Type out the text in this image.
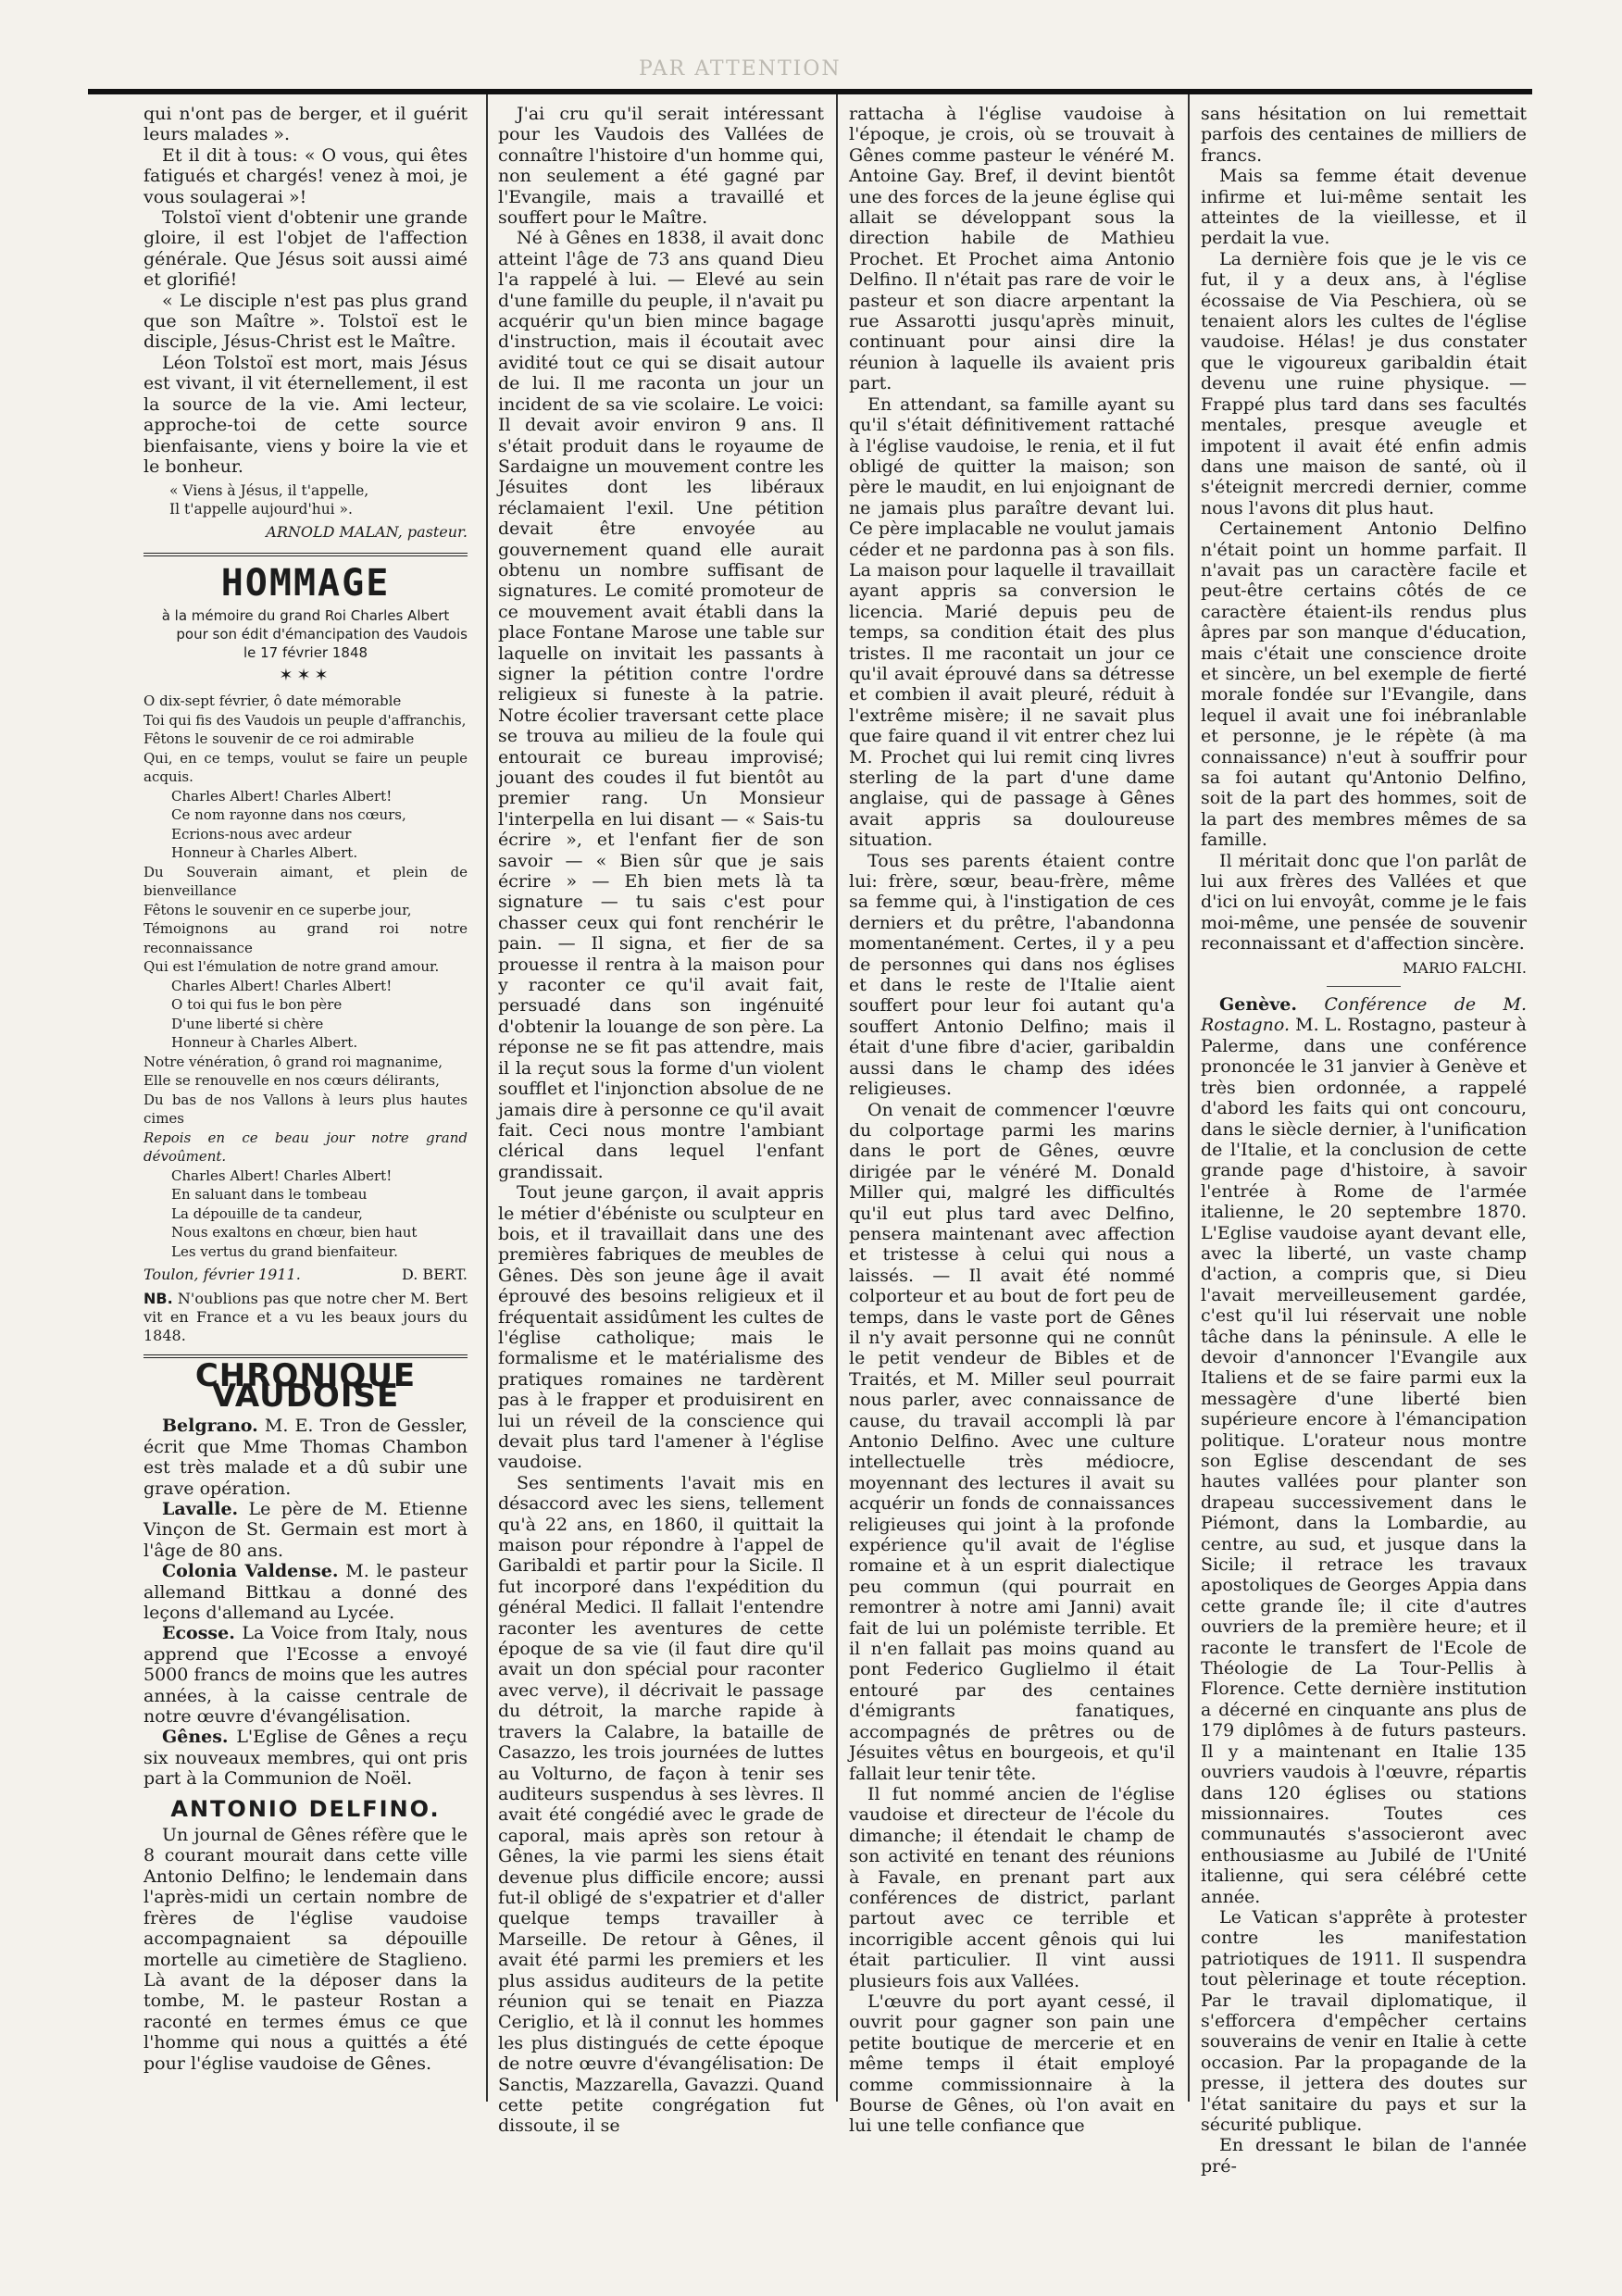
PAR ATTENTION

qui n'ont pas de berger, et il guérit leurs malades ».

Et il dit à tous: « O vous, qui êtes fatigués et chargés! venez à moi, je vous soulagerai »!

Tolstoï vient d'obtenir une grande gloire, il est l'objet de l'affection générale. Que Jésus soit aussi aimé et glorifié!

« Le disciple n'est pas plus grand que son Maître ». Tolstoï est le disciple, Jésus-Christ est le Maître.

Léon Tolstoï est mort, mais Jésus est vivant, il vit éternellement, il est la source de la vie. Ami lecteur, approche-toi de cette source bienfaisante, viens y boire la vie et le bonheur.

« Viens à Jésus, il t'appelle,
Il t'appelle aujourd'hui ».
ARNOLD MALAN, pasteur.
HOMMAGE
à la mémoire du grand Roi Charles Albert
pour son édit d'émancipation des Vaudois
le 17 février 1848
✶✶✶
O dix-sept février, ô date mémorable
Toi qui fis des Vaudois un peuple d'affranchis,
Fêtons le souvenir de ce roi admirable
Qui, en ce temps, voulut se faire un peuple acquis.
Charles Albert! Charles Albert!
Ce nom rayonne dans nos cœurs,
Ecrions-nous avec ardeur
Honneur à Charles Albert.
Du Souverain aimant, et plein de bienveillance
Fêtons le souvenir en ce superbe jour,
Témoignons au grand roi notre reconnaissance
Qui est l'émulation de notre grand amour.
Charles Albert! Charles Albert!
O toi qui fus le bon père
D'une liberté si chère
Honneur à Charles Albert.
Notre vénération, ô grand roi magnanime,
Elle se renouvelle en nos cœurs délirants,
Du bas de nos Vallons à leurs plus hautes cimes
Repois en ce beau jour notre grand dévoûment.
Charles Albert! Charles Albert!
En saluant dans le tombeau
La dépouille de ta candeur,
Nous exaltons en chœur, bien haut
Les vertus du grand bienfaiteur.
Toulon, février 1911.	D. BERT.
NB. N'oublions pas que notre cher M. Bert vit en France et a vu les beaux jours du 1848.
CHRONIQUE VAUDOISE

Belgrano. M. E. Tron de Gessler, écrit que Mme Thomas Chambon est très malade et a dû subir une grave opération.

Lavalle. Le père de M. Etienne Vinçon de St. Germain est mort à l'âge de 80 ans.

Colonia Valdense. M. le pasteur allemand Bittkau a donné des leçons d'allemand au Lycée.

Ecosse. La Voice from Italy, nous apprend que l'Ecosse a envoyé 5000 francs de moins que les autres années, à la caisse centrale de notre œuvre d'évangélisation.

Gênes. L'Eglise de Gênes a reçu six nouveaux membres, qui ont pris part à la Communion de Noël.

ANTONIO DELFINO.

Un journal de Gênes réfère que le 8 courant mourait dans cette ville Antonio Delfino; le lendemain dans l'après-midi un certain nombre de frères de l'église vaudoise accompagnaient sa dépouille mortelle au cimetière de Staglieno. Là avant de la déposer dans la tombe, M. le pasteur Rostan a raconté en termes émus ce que l'homme qui nous a quittés a été pour l'église vaudoise de Gênes.

J'ai cru qu'il serait intéressant pour les Vaudois des Vallées de connaître l'histoire d'un homme qui, non seulement a été gagné par l'Evangile, mais a travaillé et souffert pour le Maître.

Né à Gênes en 1838, il avait donc atteint l'âge de 73 ans quand Dieu l'a rappelé à lui. — Elevé au sein d'une famille du peuple, il n'avait pu acquérir qu'un bien mince bagage d'instruction, mais il écoutait avec avidité tout ce qui se disait autour de lui. Il me raconta un jour un incident de sa vie scolaire. Le voici: Il devait avoir environ 9 ans. Il s'était produit dans le royaume de Sardaigne un mouvement contre les Jésuites dont les libéraux réclamaient l'exil. Une pétition devait être envoyée au gouvernement quand elle aurait obtenu un nombre suffisant de signatures. Le comité promoteur de ce mouvement avait établi dans la place Fontane Marose une table sur laquelle on invitait les passants à signer la pétition contre l'ordre religieux si funeste à la patrie. Notre écolier traversant cette place se trouva au milieu de la foule qui entourait ce bureau improvisé; jouant des coudes il fut bientôt au premier rang. Un Monsieur l'interpella en lui disant — « Sais-tu écrire », et l'enfant fier de son savoir — « Bien sûr que je sais écrire » — Eh bien mets là ta signature — tu sais c'est pour chasser ceux qui font renchérir le pain. — Il signa, et fier de sa prouesse il rentra à la maison pour y raconter ce qu'il avait fait, persuadé dans son ingénuité d'obtenir la louange de son père. La réponse ne se fit pas attendre, mais il la reçut sous la forme d'un violent soufflet et l'injonction absolue de ne jamais dire à personne ce qu'il avait fait. Ceci nous montre l'ambiant clérical dans lequel l'enfant grandissait.

Tout jeune garçon, il avait appris le métier d'ébéniste ou sculpteur en bois, et il travaillait dans une des premières fabriques de meubles de Gênes. Dès son jeune âge il avait éprouvé des besoins religieux et il fréquentait assidûment les cultes de l'église catholique; mais le formalisme et le matérialisme des pratiques romaines ne tardèrent pas à le frapper et produisirent en lui un réveil de la conscience qui devait plus tard l'amener à l'église vaudoise.

Ses sentiments l'avait mis en désaccord avec les siens, tellement qu'à 22 ans, en 1860, il quittait la maison pour répondre à l'appel de Garibaldi et partir pour la Sicile. Il fut incorporé dans l'expédition du général Medici. Il fallait l'entendre raconter les aventures de cette époque de sa vie (il faut dire qu'il avait un don spécial pour raconter avec verve), il décrivait le passage du détroit, la marche rapide à travers la Calabre, la bataille de Casazzo, les trois journées de luttes au Volturno, de façon à tenir ses auditeurs suspendus à ses lèvres. Il avait été congédié avec le grade de caporal, mais après son retour à Gênes, la vie parmi les siens était devenue plus difficile encore; aussi fut-il obligé de s'expatrier et d'aller quelque temps travailler à Marseille. De retour à Gênes, il avait été parmi les premiers et les plus assidus auditeurs de la petite réunion qui se tenait en Piazza Ceriglio, et là il connut les hommes les plus distingués de cette époque de notre œuvre d'évangélisation: De Sanctis, Mazzarella, Gavazzi. Quand cette petite congrégation fut dissoute, il se

rattacha à l'église vaudoise à l'époque, je crois, où se trouvait à Gênes comme pasteur le vénéré M. Antoine Gay. Bref, il devint bientôt une des forces de la jeune église qui allait se développant sous la direction habile de Mathieu Prochet. Et Prochet aima Antonio Delfino. Il n'était pas rare de voir le pasteur et son diacre arpentant la rue Assarotti jusqu'après minuit, continuant pour ainsi dire la réunion à laquelle ils avaient pris part.

En attendant, sa famille ayant su qu'il s'était définitivement rattaché à l'église vaudoise, le renia, et il fut obligé de quitter la maison; son père le maudit, en lui enjoignant de ne jamais plus paraître devant lui. Ce père implacable ne voulut jamais céder et ne pardonna pas à son fils. La maison pour laquelle il travaillait ayant appris sa conversion le licencia. Marié depuis peu de temps, sa condition était des plus tristes. Il me racontait un jour ce qu'il avait éprouvé dans sa détresse et combien il avait pleuré, réduit à l'extrême misère; il ne savait plus que faire quand il vit entrer chez lui M. Prochet qui lui remit cinq livres sterling de la part d'une dame anglaise, qui de passage à Gênes avait appris sa douloureuse situation.

Tous ses parents étaient contre lui: frère, sœur, beau-frère, même sa femme qui, à l'instigation de ces derniers et du prêtre, l'abandonna momentanément. Certes, il y a peu de personnes qui dans nos églises et dans le reste de l'Italie aient souffert pour leur foi autant qu'a souffert Antonio Delfino; mais il était d'une fibre d'acier, garibaldin aussi dans le champ des idées religieuses.

On venait de commencer l'œuvre du colportage parmi les marins dans le port de Gênes, œuvre dirigée par le vénéré M. Donald Miller qui, malgré les difficultés qu'il eut plus tard avec Delfino, pensera maintenant avec affection et tristesse à celui qui nous a laissés. — Il avait été nommé colporteur et au bout de fort peu de temps, dans le vaste port de Gênes il n'y avait personne qui ne connût le petit vendeur de Bibles et de Traités, et M. Miller seul pourrait nous parler, avec connaissance de cause, du travail accompli là par Antonio Delfino. Avec une culture intellectuelle très médiocre, moyennant des lectures il avait su acquérir un fonds de connaissances religieuses qui joint à la profonde expérience qu'il avait de l'église romaine et à un esprit dialectique peu commun (qui pourrait en remontrer à notre ami Janni) avait fait de lui un polémiste terrible. Et il n'en fallait pas moins quand au pont Federico Guglielmo il était entouré par des centaines d'émigrants fanatiques, accompagnés de prêtres ou de Jésuites vêtus en bourgeois, et qu'il fallait leur tenir tête.

Il fut nommé ancien de l'église vaudoise et directeur de l'école du dimanche; il étendait le champ de son activité en tenant des réunions à Favale, en prenant part aux conférences de district, parlant partout avec ce terrible et incorrigible accent gênois qui lui était particulier. Il vint aussi plusieurs fois aux Vallées.

L'œuvre du port ayant cessé, il ouvrit pour gagner son pain une petite boutique de mercerie et en même temps il était employé comme commissionnaire à la Bourse de Gênes, où l'on avait en lui une telle confiance que

sans hésitation on lui remettait parfois des centaines de milliers de francs.

Mais sa femme était devenue infirme et lui-même sentait les atteintes de la vieillesse, et il perdait la vue.

La dernière fois que je le vis ce fut, il y a deux ans, à l'église écossaise de Via Peschiera, où se tenaient alors les cultes de l'église vaudoise. Hélas! je dus constater que le vigoureux garibaldin était devenu une ruine physique. — Frappé plus tard dans ses facultés mentales, presque aveugle et impotent il avait été enfin admis dans une maison de santé, où il s'éteignit mercredi dernier, comme nous l'avons dit plus haut.

Certainement Antonio Delfino n'était point un homme parfait. Il n'avait pas un caractère facile et peut-être certains côtés de ce caractère étaient-ils rendus plus âpres par son manque d'éducation, mais c'était une conscience droite et sincère, un bel exemple de fierté morale fondée sur l'Evangile, dans lequel il avait une foi inébranlable et personne, je le répète (à ma connaissance) n'eut à souffrir pour sa foi autant qu'Antonio Delfino, soit de la part des hommes, soit de la part des membres mêmes de sa famille.

Il méritait donc que l'on parlât de lui aux frères des Vallées et que d'ici on lui envoyât, comme je le fais moi-même, une pensée de souvenir reconnaissant et d'affection sincère.

MARIO FALCHI.

Genève. Conférence de M. Rostagno. M. L. Rostagno, pasteur à Palerme, dans une conférence prononcée le 31 janvier à Genève et très bien ordonnée, a rappelé d'abord les faits qui ont concouru, dans le siècle dernier, à l'unification de l'Italie, et la conclusion de cette grande page d'histoire, à savoir l'entrée à Rome de l'armée italienne, le 20 septembre 1870. L'Eglise vaudoise ayant devant elle, avec la liberté, un vaste champ d'action, a compris que, si Dieu l'avait merveilleusement gardée, c'est qu'il lui réservait une noble tâche dans la péninsule. A elle le devoir d'annoncer l'Evangile aux Italiens et de se faire parmi eux la messagère d'une liberté bien supérieure encore à l'émancipation politique. L'orateur nous montre son Eglise descendant de ses hautes vallées pour planter son drapeau successivement dans le Piémont, dans la Lombardie, au centre, au sud, et jusque dans la Sicile; il retrace les travaux apostoliques de Georges Appia dans cette grande île; il cite d'autres ouvriers de la première heure; et il raconte le transfert de l'Ecole de Théologie de La Tour-Pellis à Florence. Cette dernière institution a décerné en cinquante ans plus de 179 diplômes à de futurs pasteurs. Il y a maintenant en Italie 135 ouvriers vaudois à l'œuvre, répartis dans 120 églises ou stations missionnaires. Toutes ces communautés s'associeront avec enthousiasme au Jubilé de l'Unité italienne, qui sera célébré cette année.

Le Vatican s'apprête à protester contre les manifestation patriotiques de 1911. Il suspendra tout pèlerinage et toute réception. Par le travail diplomatique, il s'efforcera d'empêcher certains souverains de venir en Italie à cette occasion. Par la propagande de la presse, il jettera des doutes sur l'état sanitaire du pays et sur la sécurité publique.

En dressant le bilan de l'année pré-
